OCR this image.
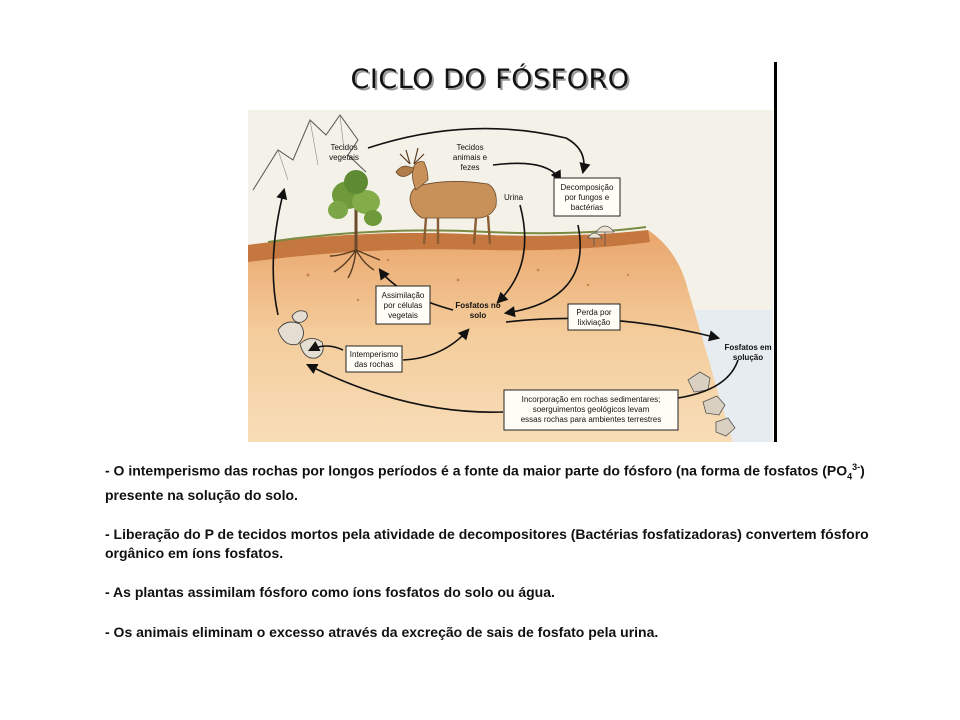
CICLO DO FÓSFORO
Tecidos
vegetais
Tecidos
animais e
fezes
Urina
Decomposição
por fungos e
bactérias
Assimilação
por células
vegetais
Fosfatos no
solo	Perda por
lixiviação
Fosfatos em
solução
Intemperismo
das rochas
Incorporação em rochas sedimentares;
soerguimentos geológicos levam
essas rochas para ambientes terrestres

- O intemperismo das rochas por longos períodos é a fonte da maior parte do fósforo (na forma de fosfatos $(PO_4^{3-})$ presente na solução do solo.

- Liberação do P de tecidos mortos pela atividade de decompositores (Bactérias fosfatizadoras) convertem fósforo orgânico em íons fosfatos.

- As plantas assimilam fósforo como íons fosfatos do solo ou água.

- Os animais eliminam o excesso através da excreção de sais de fosfato pela urina.
